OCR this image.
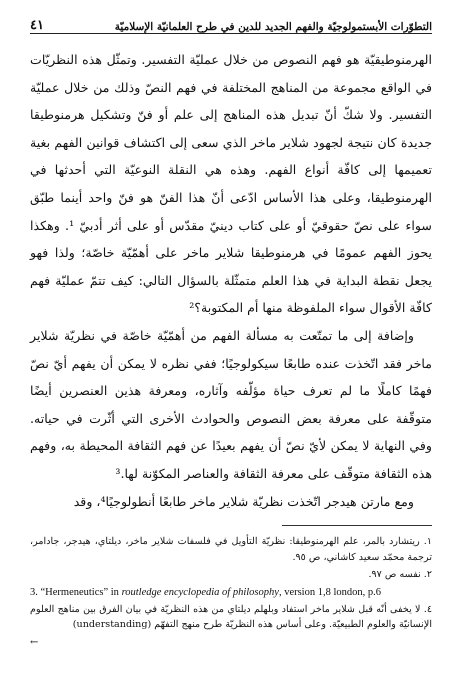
التطوّرات الأبستمولوجيّة والفهم الجديد للدين في طرح العلمانيّة الإسلاميّة
٤١

الهرمنوطيقيّة هو فهم النصوص من خلال عمليّة التفسير. وتمثّل هذه النظريّات في الواقع مجموعة من المناهج المختلفة في فهم النصّ وذلك من خلال عمليّة التفسير. ولا شكّ أنّ تبديل هذه المناهج إلى علم أو فنّ وتشكيل هرمنوطيقا جديدة كان نتيجة لجهود شلاير ماخر الذي سعى إلى اكتشاف قوانين الفهم بغية تعميمها إلى كافّة أنواع الفهم. وهذه هي النقلة النوعيّة التي أحدثها في الهرمنوطيقا، وعلى هذا الأساس ادّعى أنّ هذا الفنّ هو فنّ واحد أينما طبّق سواء على نصّ حقوقيّ أو على كتاب دينيّ مقدّس أو على أثر أدبيّ ¹. وهكذا يحوز الفهم عمومًا في هرمنوطيقا شلاير ماخر على أهمّيّة خاصّة؛ ولذا فهو يجعل نقطة البداية في هذا العلم متمثّلة بالسؤال التالي: كيف تتمّ عمليّة فهم كافّة الأقوال سواء الملفوظة منها أم المكتوبة؟²

وإضافة إلى ما تمتّعت به مسألة الفهم من أهمّيّة خاصّة في نظريّة شلاير ماخر فقد اتّخذت عنده طابعًا سيكولوجيًا؛ ففي نظره لا يمكن أن يفهم أيّ نصّ فهمًا كاملًا ما لم تعرف حياة مؤلّفه وآثاره، ومعرفة هذين العنصرين أيضًا متوقّفة على معرفة بعض النصوص والحوادث الأخرى التي أثّرت في حياته. وفي النهاية لا يمكن لأيّ نصّ أن يفهم بعيدًا عن فهم الثقافة المحيطة به، وفهم هذه الثقافة متوقّف على معرفة الثقافة والعناصر المكوّنة لها.³

ومع مارتن هيدجر اتّخذت نظريّة شلاير ماخر طابعًا أنطولوجيًا⁴، وقد

١. ريتشارد بالمر، علم الهرمنوطيقا: نظريّة التأويل في فلسفات شلاير ماخر، ديلتاي، هيدجر، جادامر، ترجمة محمّد سعيد كاشاني، ص ٩٥.

٢. نفسه ص ٩٧.

3. “Hermeneutics” in routledge encyclopedia of philosophy, version 1,8 london, p.6

٤. لا يخفى أنّه قبل شلاير ماخر استفاد وبلهلم ديلتاي من هذه النظريّة في بيان الفرق بين مناهج العلوم الإنسانيّة والعلوم الطبيعيّة. وعلى أساس هذه النظريّة طرح منهج التفهّم (understanding)

←
